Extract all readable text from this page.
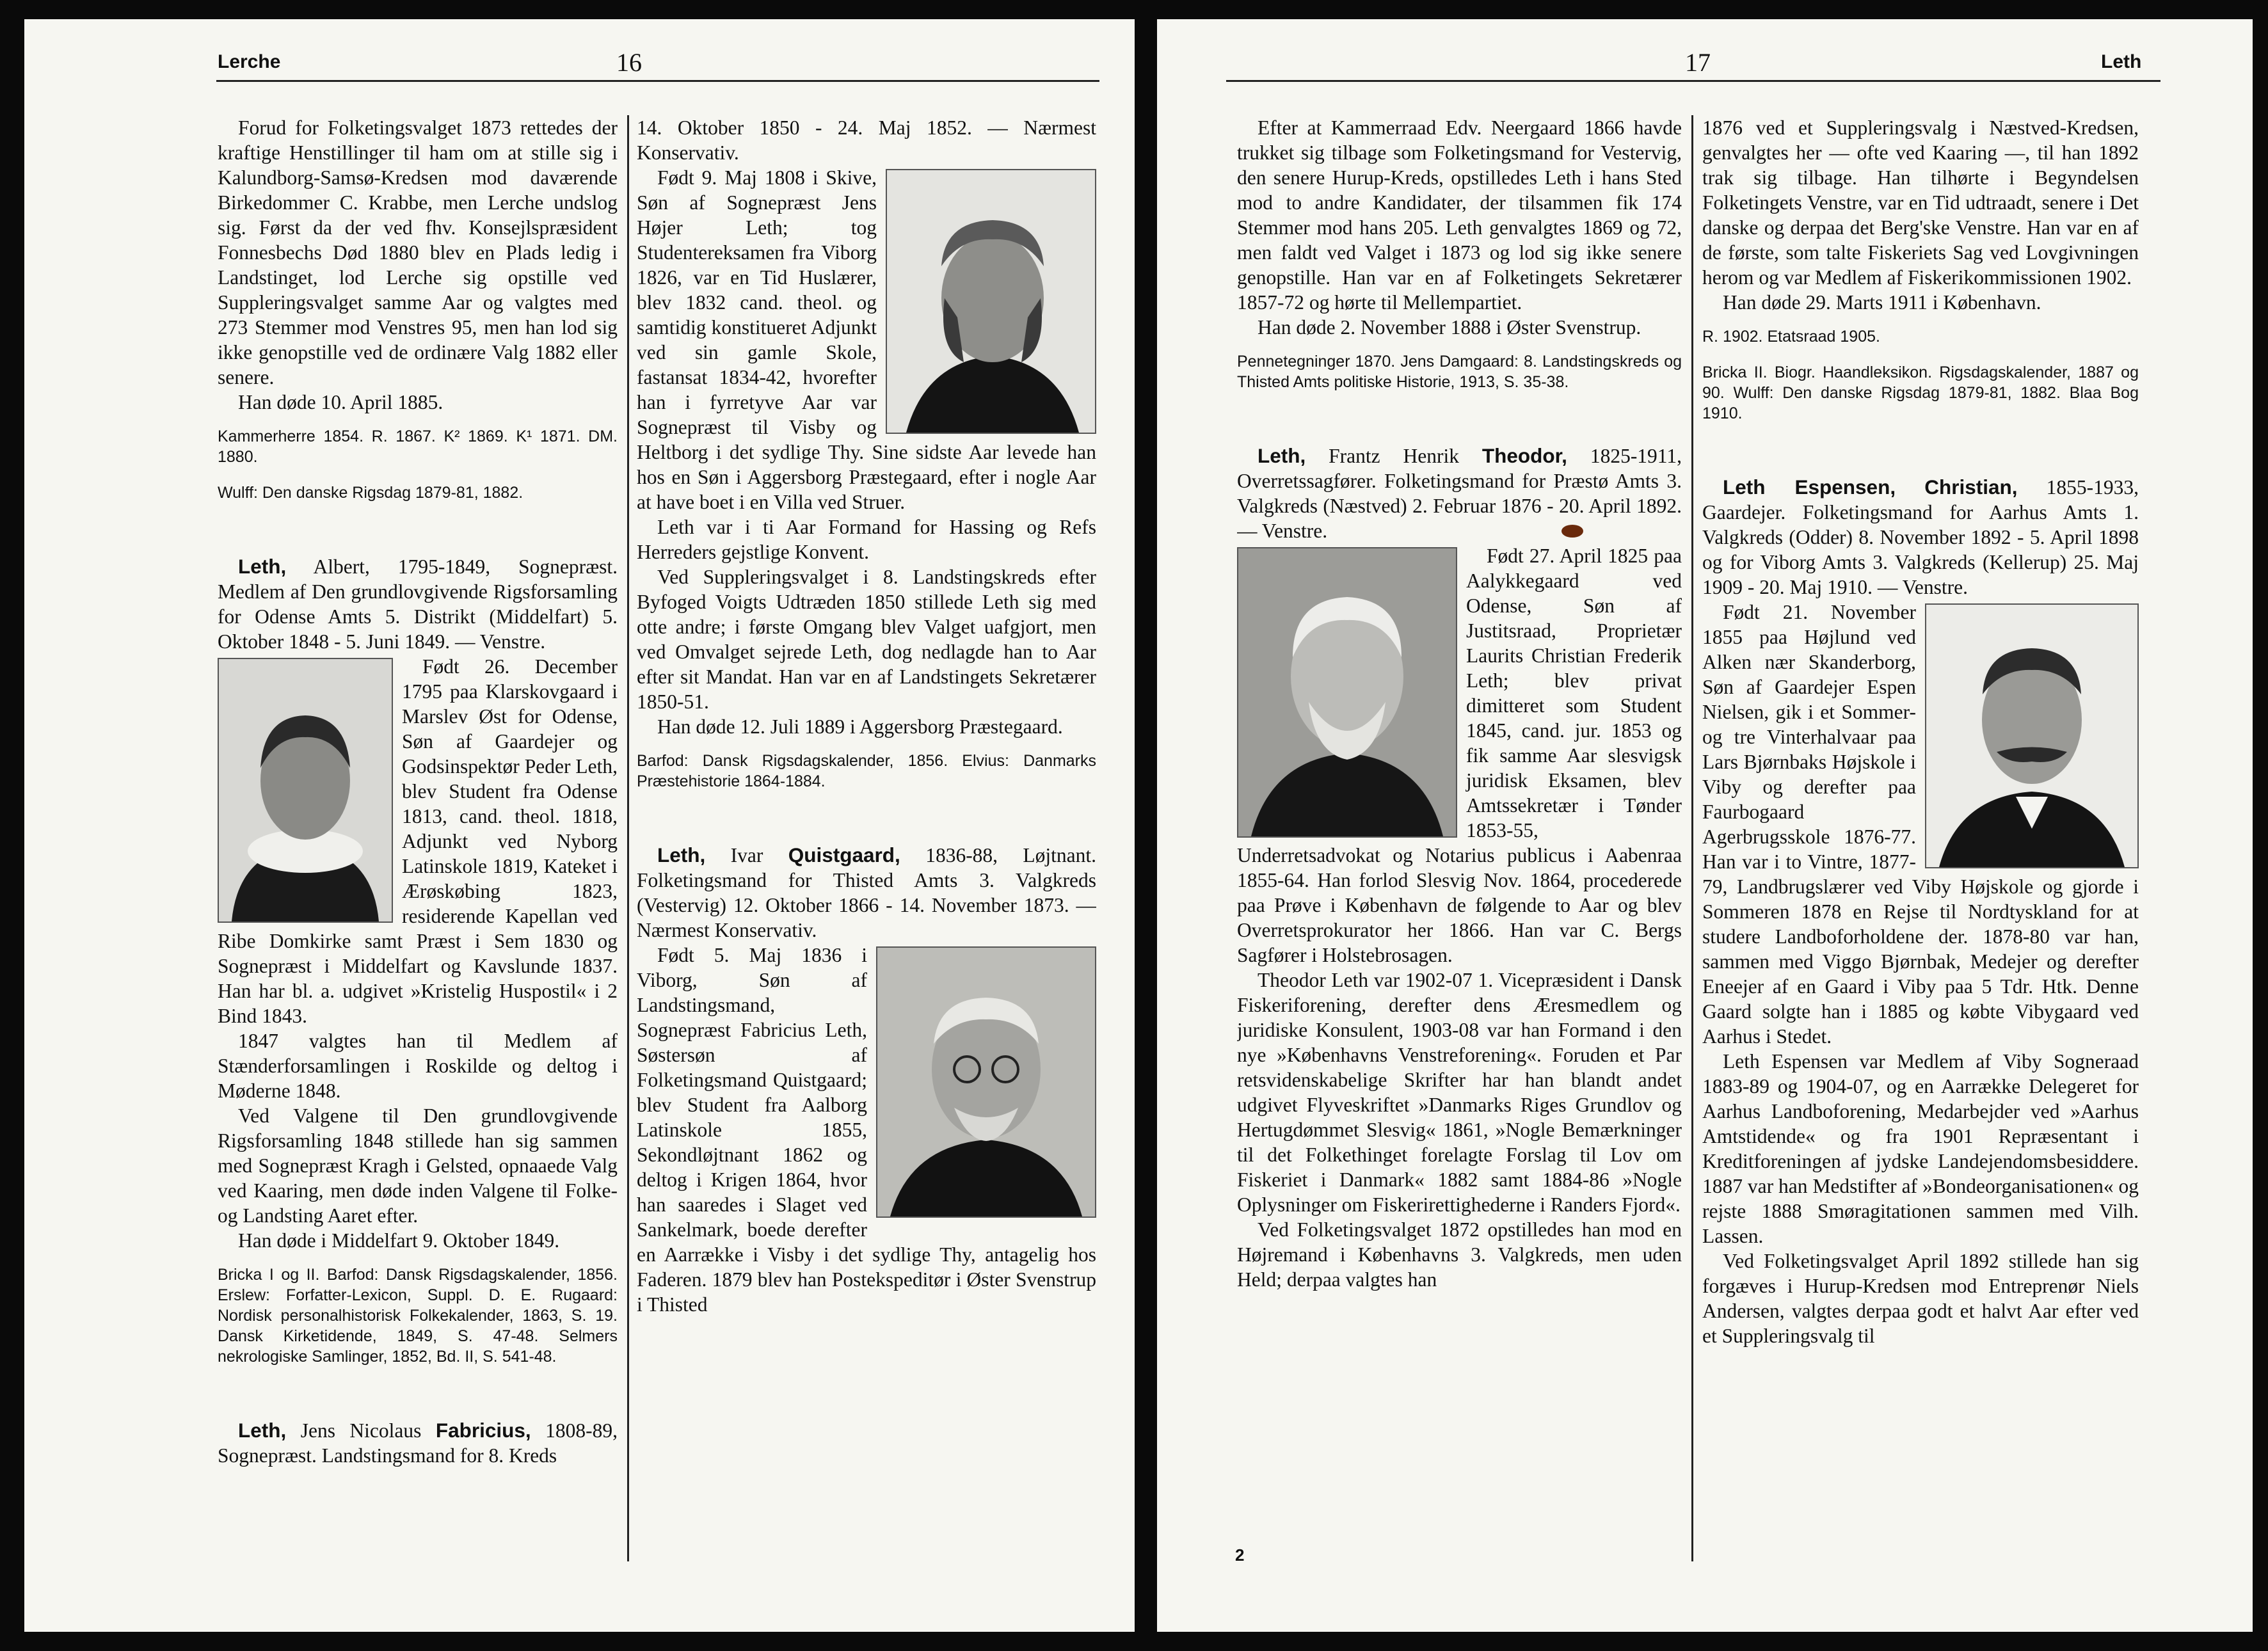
Lerche	16

Forud for Folketingsvalget 1873 rettedes der kraftige Henstillinger til ham om at stille sig i Kalundborg-Samsø-Kredsen mod daværende Birkedommer C. Krabbe, men Lerche undslog sig. Først da der ved fhv. Konsejlspræsident Fonnesbechs Død 1880 blev en Plads ledig i Landstinget, lod Lerche sig opstille ved Suppleringsvalget samme Aar og valgtes med 273 Stemmer mod Venstres 95, men han lod sig ikke genopstille ved de ordinære Valg 1882 eller senere.

Han døde 10. April 1885.

Kammerherre 1854. R. 1867. K² 1869. K¹ 1871. DM. 1880.

Wulff: Den danske Rigsdag 1879-81, 1882.

Leth, Albert, 1795-1849, Sognepræst. Medlem af Den grundlovgivende Rigsforsamling for Odense Amts 5. Distrikt (Middelfart) 5. Oktober 1848 - 5. Juni 1849. — Venstre.

Født 26. December 1795 paa Klarskovgaard i Marslev Øst for Odense, Søn af Gaardejer og Godsinspektør Peder Leth, blev Student fra Odense 1813, cand. theol. 1818, Adjunkt ved Nyborg Latinskole 1819, Kateket i Ærøskøbing 1823, residerende Kapellan ved Ribe Domkirke samt Præst i Sem 1830 og Sognepræst i Middelfart og Kavslunde 1837. Han har bl. a. udgivet »Kristelig Huspostil« i 2 Bind 1843.

1847 valgtes han til Medlem af Stænderforsamlingen i Roskilde og deltog i Møderne 1848.

Ved Valgene til Den grundlovgivende Rigsforsamling 1848 stillede han sig sammen med Sognepræst Kragh i Gelsted, opnaaede Valg ved Kaaring, men døde inden Valgene til Folke- og Landsting Aaret efter.

Han døde i Middelfart 9. Oktober 1849.

Bricka I og II. Barfod: Dansk Rigsdagskalender, 1856. Erslew: Forfatter-Lexicon, Suppl. D. E. Rugaard: Nordisk personalhistorisk Folkekalender, 1863, S. 19. Dansk Kirketidende, 1849, S. 47-48. Selmers nekrologiske Samlinger, 1852, Bd. II, S. 541-48.

Leth, Jens Nicolaus Fabricius, 1808-89, Sognepræst. Landstingsmand for 8. Kreds

14. Oktober 1850 - 24. Maj 1852. — Nærmest Konservativ.

Født 9. Maj 1808 i Skive, Søn af Sognepræst Jens Højer Leth; tog Studentereksamen fra Viborg 1826, var en Tid Huslærer, blev 1832 cand. theol. og samtidig konstitueret Adjunkt ved sin gamle Skole, fastansat 1834-42, hvorefter han i fyrretyve Aar var Sognepræst til Visby og Heltborg i det sydlige Thy. Sine sidste Aar levede han hos en Søn i Aggersborg Præstegaard, efter i nogle Aar at have boet i en Villa ved Struer.

Leth var i ti Aar Formand for Hassing og Refs Herreders gejstlige Konvent.

Ved Suppleringsvalget i 8. Landstingskreds efter Byfoged Voigts Udtræden 1850 stillede Leth sig med otte andre; i første Omgang blev Valget uafgjort, men ved Omvalget sejrede Leth, dog nedlagde han to Aar efter sit Mandat. Han var en af Landstingets Sekretærer 1850-51.

Han døde 12. Juli 1889 i Aggersborg Præstegaard.

Barfod: Dansk Rigsdagskalender, 1856. Elvius: Danmarks Præstehistorie 1864-1884.

Leth, Ivar Quistgaard, 1836-88, Løjtnant. Folketingsmand for Thisted Amts 3. Valgkreds (Vestervig) 12. Oktober 1866 - 14. November 1873. — Nærmest Konservativ.

Født 5. Maj 1836 i Viborg, Søn af Landstingsmand, Sognepræst Fabricius Leth, Søstersøn af Folketingsmand Quistgaard; blev Student fra Aalborg Latinskole 1855, Sekondløjtnant 1862 og deltog i Krigen 1864, hvor han saaredes i Slaget ved Sankelmark, boede derefter en Aarrække i Visby i det sydlige Thy, antagelig hos Faderen. 1879 blev han Postekspeditør i Øster Svenstrup i Thisted

17	Leth

Efter at Kammerraad Edv. Neergaard 1866 havde trukket sig tilbage som Folketingsmand for Vestervig, den senere Hurup-Kreds, opstilledes Leth i hans Sted mod to andre Kandidater, der tilsammen fik 174 Stemmer mod hans 205. Leth genvalgtes 1869 og 72, men faldt ved Valget i 1873 og lod sig ikke senere genopstille. Han var en af Folketingets Sekretærer 1857-72 og hørte til Mellempartiet.

Han døde 2. November 1888 i Øster Svenstrup.

Pennetegninger 1870. Jens Damgaard: 8. Landstingskreds og Thisted Amts politiske Historie, 1913, S. 35-38.

Leth, Frantz Henrik Theodor, 1825-1911, Overretssagfører. Folketingsmand for Præstø Amts 3. Valgkreds (Næstved) 2. Februar 1876 - 20. April 1892. — Venstre.

Født 27. April 1825 paa Aalykkegaard ved Odense, Søn af Justitsraad, Proprietær Laurits Christian Frederik Leth; blev privat dimitteret som Student 1845, cand. jur. 1853 og fik samme Aar slesvigsk juridisk Eksamen, blev Amtssekretær i Tønder 1853-55, Underretsadvokat og Notarius publicus i Aabenraa 1855-64. Han forlod Slesvig Nov. 1864, procederede paa Prøve i København de følgende to Aar og blev Overretsprokurator her 1866. Han var C. Bergs Sagfører i Holstebrosagen.

Theodor Leth var 1902-07 1. Vicepræsident i Dansk Fiskeriforening, derefter dens Æresmedlem og juridiske Konsulent, 1903-08 var han Formand i den nye »Københavns Venstreforening«. Foruden et Par retsvidenskabelige Skrifter har han blandt andet udgivet Flyveskriftet »Danmarks Riges Grundlov og Hertugdømmet Slesvig« 1861, »Nogle Bemærkninger til det Folkethinget forelagte Forslag til Lov om Fiskeriet i Danmark« 1882 samt 1884-86 »Nogle Oplysninger om Fiskerirettighederne i Randers Fjord«.

Ved Folketingsvalget 1872 opstilledes han mod en Højremand i Københavns 3. Valgkreds, men uden Held; derpaa valgtes han

1876 ved et Suppleringsvalg i Næstved-Kredsen, genvalgtes her — ofte ved Kaaring —, til han 1892 trak sig tilbage. Han tilhørte i Begyndelsen Folketingets Venstre, var en Tid udtraadt, senere i Det danske og derpaa det Berg'ske Venstre. Han var en af de første, som talte Fiskeriets Sag ved Lovgivningen herom og var Medlem af Fiskerikommissionen 1902.

Han døde 29. Marts 1911 i København.

R. 1902. Etatsraad 1905.

Bricka II. Biogr. Haandleksikon. Rigsdagskalender, 1887 og 90. Wulff: Den danske Rigsdag 1879-81, 1882. Blaa Bog 1910.

Leth Espensen, Christian, 1855-1933, Gaardejer. Folketingsmand for Aarhus Amts 1. Valgkreds (Odder) 8. November 1892 - 5. April 1898 og for Viborg Amts 3. Valgkreds (Kellerup) 25. Maj 1909 - 20. Maj 1910. — Venstre.

Født 21. November 1855 paa Højlund ved Alken nær Skanderborg, Søn af Gaardejer Espen Nielsen, gik i et Sommer- og tre Vinterhalvaar paa Lars Bjørnbaks Højskole i Viby og derefter paa Faurbogaard Agerbrugsskole 1876-77. Han var i to Vintre, 1877-79, Landbrugslærer ved Viby Højskole og gjorde i Sommeren 1878 en Rejse til Nordtyskland for at studere Landboforholdene der. 1878-80 var han, sammen med Viggo Bjørnbak, Medejer og derefter Eneejer af en Gaard i Viby paa 5 Tdr. Htk. Denne Gaard solgte han i 1885 og købte Vibygaard ved Aarhus i Stedet.

Leth Espensen var Medlem af Viby Sogneraad 1883-89 og 1904-07, og en Aarrække Delegeret for Aarhus Landboforening, Medarbejder ved »Aarhus Amtstidende« og fra 1901 Repræsentant i Kreditforeningen af jydske Landejendomsbesiddere. 1887 var han Medstifter af »Bondeorganisationen« og rejste 1888 Smøragitationen sammen med Vilh. Lassen.

Ved Folketingsvalget April 1892 stillede han sig forgæves i Hurup-Kredsen mod Entreprenør Niels Andersen, valgtes derpaa godt et halvt Aar efter ved et Suppleringsvalg til

2
